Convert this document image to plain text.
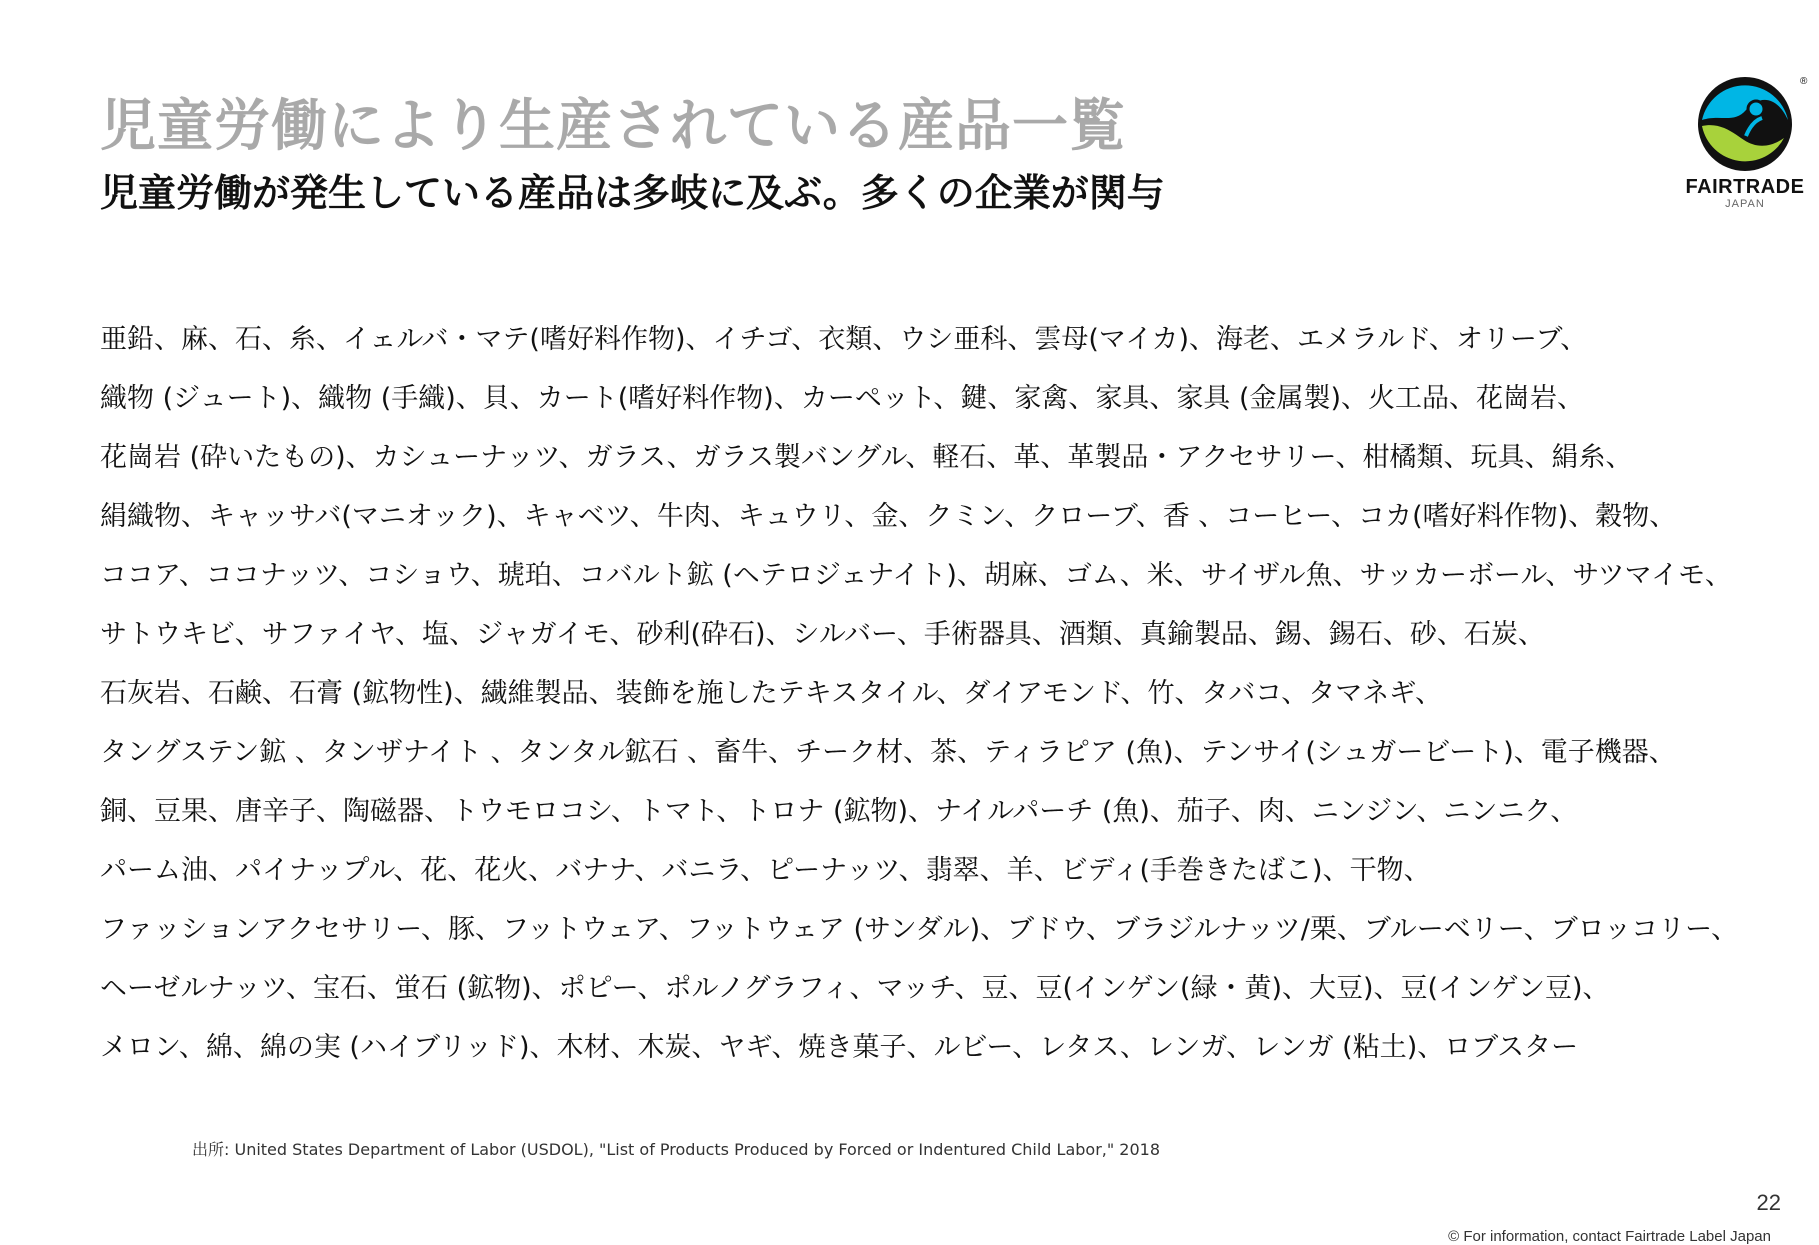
児童労働により生産されている産品一覧
児童労働が発生している産品は多岐に及ぶ。多くの企業が関与
®
FAIRTRADE
JAPAN
亜鉛、麻、石、糸、イェルバ・マテ(嗜好料作物)、イチゴ、衣類、ウシ亜科、雲母(マイカ)、海老、エメラルド、オリーブ、
織物 (ジュート)、織物 (手織)、貝、カート(嗜好料作物)、カーペット、鍵、家禽、家具、家具 (金属製)、火工品、花崗岩、
花崗岩 (砕いたもの)、カシューナッツ、ガラス、ガラス製バングル、軽石、革、革製品・アクセサリー、柑橘類、玩具、絹糸、
絹織物、キャッサバ(マニオック)、キャベツ、牛肉、キュウリ、金、クミン、クローブ、香 、コーヒー、コカ(嗜好料作物)、穀物、
ココア、ココナッツ、コショウ、琥珀、コバルト鉱 (ヘテロジェナイト)、胡麻、ゴム、米、サイザル魚、サッカーボール、サツマイモ、
サトウキビ、サファイヤ、塩、ジャガイモ、砂利(砕石)、シルバー、手術器具、酒類、真鍮製品、錫、錫石、砂、石炭、
石灰岩、石鹸、石膏 (鉱物性)、繊維製品、装飾を施したテキスタイル、ダイアモンド、竹、タバコ、タマネギ、
タングステン鉱 、タンザナイト 、タンタル鉱石 、畜牛、チーク材、茶、ティラピア (魚)、テンサイ(シュガービート)、電子機器、
銅、豆果、唐辛子、陶磁器、トウモロコシ、トマト、トロナ (鉱物)、ナイルパーチ (魚)、茄子、肉、ニンジン、ニンニク、
パーム油、パイナップル、花、花火、バナナ、バニラ、ピーナッツ、翡翠、羊、ビディ(手巻きたばこ)、干物、
ファッションアクセサリー、豚、フットウェア、フットウェア (サンダル)、ブドウ、ブラジルナッツ/栗、ブルーベリー、ブロッコリー、
ヘーゼルナッツ、宝石、蛍石 (鉱物)、ポピー、ポルノグラフィ、マッチ、豆、豆(インゲン(緑・黄)、大豆)、豆(インゲン豆)、
メロン、綿、綿の実 (ハイブリッド)、木材、木炭、ヤギ、焼き菓子、ルビー、レタス、レンガ、レンガ (粘土)、ロブスター
出所: United States Department of Labor (USDOL), "List of Products Produced by Forced or Indentured Child Labor," 2018
22
© For information, contact Fairtrade Label Japan
